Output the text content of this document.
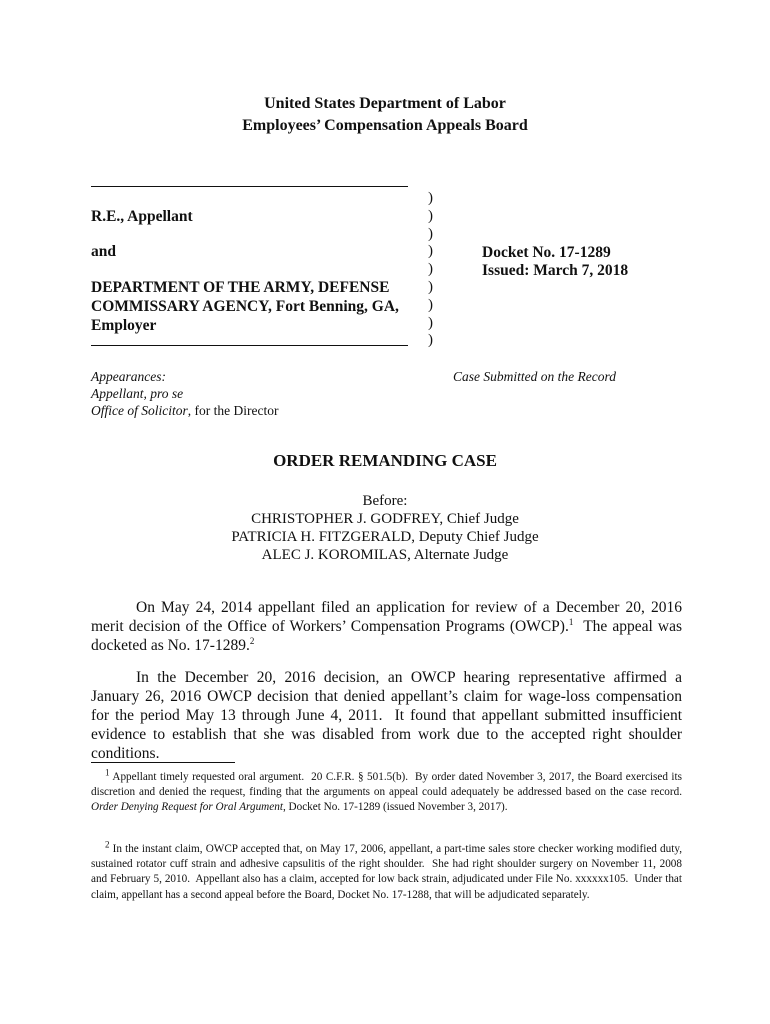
United States Department of Labor
Employees’ Compensation Appeals Board
)
)
)
)
)
)
)
)
)
R.E., Appellant
and
DEPARTMENT OF THE ARMY, DEFENSE
COMMISSARY AGENCY, Fort Benning, GA,
Employer
Docket No. 17-1289
Issued: March 7, 2018
Appearances:
Appellant, pro se
Office of Solicitor, for the Director
Case Submitted on the Record
ORDER REMANDING CASE
Before:
CHRISTOPHER J. GODFREY, Chief Judge
PATRICIA H. FITZGERALD, Deputy Chief Judge
ALEC J. KOROMILAS, Alternate Judge
On May 24, 2014 appellant filed an application for review of a December 20, 2016 merit decision of the Office of Workers’ Compensation Programs (OWCP).$^1$  The appeal was docketed as No. 17-1289.$^2$
In the December 20, 2016 decision, an OWCP hearing representative affirmed a January 26, 2016 OWCP decision that denied appellant’s claim for wage-loss compensation for the period May 13 through June 4, 2011.  It found that appellant submitted insufficient evidence to establish that she was disabled from work due to the accepted right shoulder conditions.
$^1$ Appellant timely requested oral argument.  20 C.F.R. § 501.5(b).  By order dated November 3, 2017, the Board exercised its discretion and denied the request, finding that the arguments on appeal could adequately be addressed based on the case record.  Order Denying Request for Oral Argument, Docket No. 17-1289 (issued November 3, 2017).
$^2$ In the instant claim, OWCP accepted that, on May 17, 2006, appellant, a part-time sales store checker working modified duty, sustained rotator cuff strain and adhesive capsulitis of the right shoulder.  She had right shoulder surgery on November 11, 2008 and February 5, 2010.  Appellant also has a claim, accepted for low back strain, adjudicated under File No. xxxxxx105.  Under that claim, appellant has a second appeal before the Board, Docket No. 17-1288, that will be adjudicated separately.
